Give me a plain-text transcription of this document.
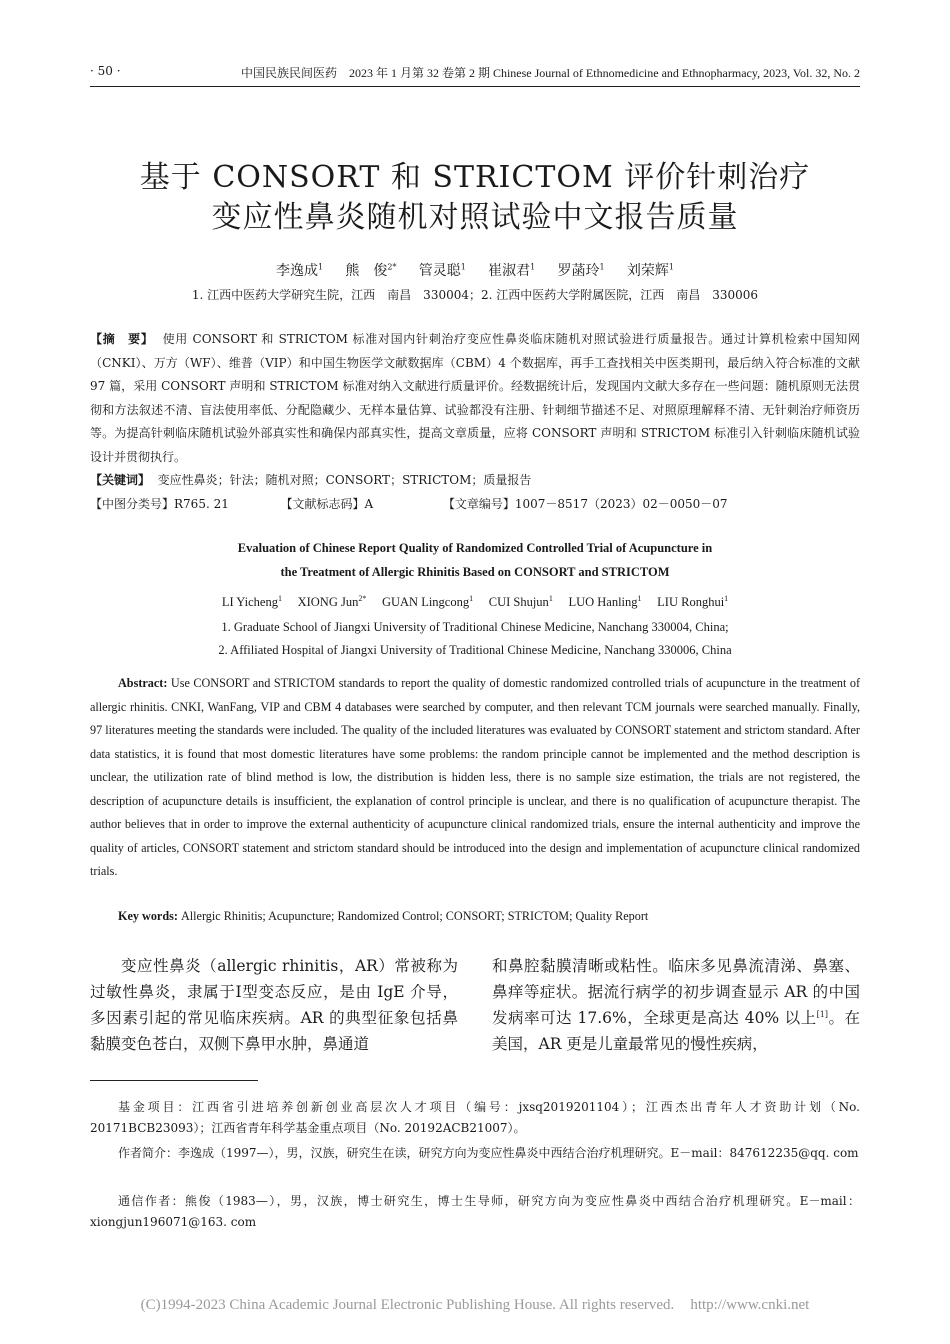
· 50 ·	中国民族民间医药　2023 年 1 月第 32 卷第 2 期 Chinese Journal of Ethnomedicine and Ethnopharmacy, 2023, Vol. 32, No. 2
基于 CONSORT 和 STRICTOM 评价针刺治疗
变应性鼻炎随机对照试验中文报告质量
李逸成$^1$ 熊　俊$^{2*}$ 管灵聪$^1$ 崔淑君$^1$ 罗菡玲$^1$ 刘荣辉$^1$
1. 江西中医药大学研究生院，江西　南昌　330004；2. 江西中医药大学附属医院，江西　南昌　330006
【摘　要】 使用 CONSORT 和 STRICTOM 标准对国内针刺治疗变应性鼻炎临床随机对照试验进行质量报告。通过计算机检索中国知网（CNKI）、万方（WF）、维普（VIP）和中国生物医学文献数据库（CBM）4 个数据库，再手工查找相关中医类期刊，最后纳入符合标准的文献 97 篇，采用 CONSORT 声明和 STRICTOM 标准对纳入文献进行质量评价。经数据统计后，发现国内文献大多存在一些问题：随机原则无法贯彻和方法叙述不清、盲法使用率低、分配隐藏少、无样本量估算、试验都没有注册、针刺细节描述不足、对照原理解释不清、无针刺治疗师资历等。为提高针刺临床随机试验外部真实性和确保内部真实性，提高文章质量，应将 CONSORT 声明和 STRICTOM 标准引入针刺临床随机试验设计并贯彻执行。
【关键词】 变应性鼻炎；针法；随机对照；CONSORT；STRICTOM；质量报告
【中图分类号】R765. 21	【文献标志码】A	【文章编号】1007－8517（2023）02－0050－07
Evaluation of Chinese Report Quality of Randomized Controlled Trial of Acupuncture in
the Treatment of Allergic Rhinitis Based on CONSORT and STRICTOM
LI Yicheng$^1$ XIONG Jun$^{2*}$ GUAN Lingcong$^1$ CUI Shujun$^1$ LUO Hanling$^1$ LIU Ronghui$^1$
1. Graduate School of Jiangxi University of Traditional Chinese Medicine, Nanchang 330004, China;
2. Affiliated Hospital of Jiangxi University of Traditional Chinese Medicine, Nanchang 330006, China
Abstract: Use CONSORT and STRICTOM standards to report the quality of domestic randomized controlled trials of acupuncture in the treatment of allergic rhinitis. CNKI, WanFang, VIP and CBM 4 databases were searched by computer, and then relevant TCM journals were searched manually. Finally, 97 literatures meeting the standards were included. The quality of the included literatures was evaluated by CONSORT statement and strictom standard. After data statistics, it is found that most domestic literatures have some problems: the random principle cannot be implemented and the method description is unclear, the utilization rate of blind method is low, the distribution is hidden less, there is no sample size estimation, the trials are not registered, the description of acupuncture details is insufficient, the explanation of control principle is unclear, and there is no qualification of acupuncture therapist. The author believes that in order to improve the external authenticity of acupuncture clinical randomized trials, ensure the internal authenticity and improve the quality of articles, CONSORT statement and strictom standard should be introduced into the design and implementation of acupuncture clinical randomized trials.
Key words: Allergic Rhinitis; Acupuncture; Randomized Control; CONSORT; STRICTOM; Quality Report
变应性鼻炎（allergic rhinitis，AR）常被称为过敏性鼻炎，隶属于Ⅰ型变态反应，是由 IgE 介导，多因素引起的常见临床疾病。AR 的典型征象包括鼻黏膜变色苍白，双侧下鼻甲水肿，鼻通道
和鼻腔黏膜清晰或粘性。临床多见鼻流清涕、鼻塞、鼻痒等症状。据流行病学的初步调查显示 AR 的中国发病率可达 17.6%，全球更是高达 40% 以上[1]。在美国，AR 更是儿童最常见的慢性疾病，
基金项目：江西省引进培养创新创业高层次人才项目（编号：jxsq2019201104）；江西杰出青年人才资助计划（No. 20171BCB23093）；江西省青年科学基金重点项目（No. 20192ACB21007）。
作者简介：李逸成（1997—），男，汉族，研究生在读，研究方向为变应性鼻炎中西结合治疗机理研究。E－mail：847612235@qq. com
通信作者：熊俊（1983—），男，汉族，博士研究生，博士生导师，研究方向为变应性鼻炎中西结合治疗机理研究。E－mail：xiongjun196071@163. com
(C)1994-2023 China Academic Journal Electronic Publishing House. All rights reserved. http://www.cnki.net
